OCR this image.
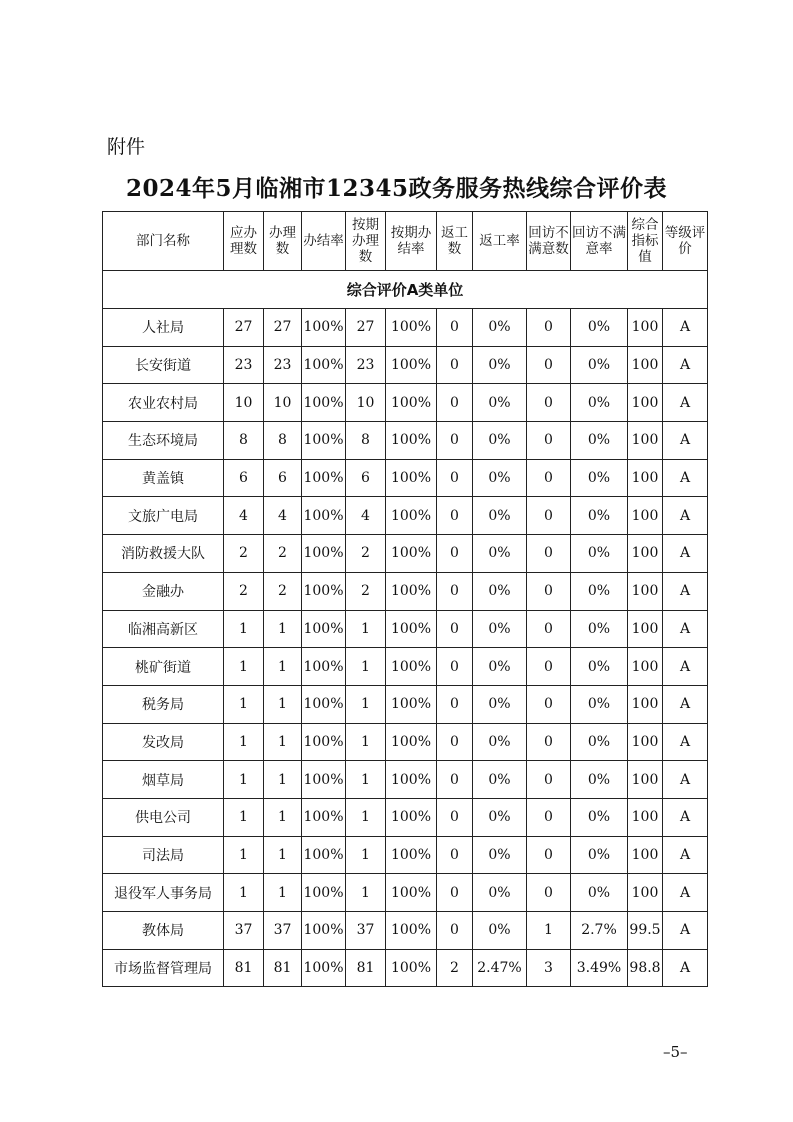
附件
2024年5月临湘市12345政务服务热线综合评价表
部门名称	应办理数	办理数	办结率	按期办理数	按期办结率	返工数	返工率	回访不满意数	回访不满意率	综合指标值	等级评价
综合评价A类单位											
人社局	27	27	100%	27	100%	0	0%	0	0%	100	A
长安街道	23	23	100%	23	100%	0	0%	0	0%	100	A
农业农村局	10	10	100%	10	100%	0	0%	0	0%	100	A
生态环境局	8	8	100%	8	100%	0	0%	0	0%	100	A
黄盖镇	6	6	100%	6	100%	0	0%	0	0%	100	A
文旅广电局	4	4	100%	4	100%	0	0%	0	0%	100	A
消防救援大队	2	2	100%	2	100%	0	0%	0	0%	100	A
金融办	2	2	100%	2	100%	0	0%	0	0%	100	A
临湘高新区	1	1	100%	1	100%	0	0%	0	0%	100	A
桃矿街道	1	1	100%	1	100%	0	0%	0	0%	100	A
税务局	1	1	100%	1	100%	0	0%	0	0%	100	A
发改局	1	1	100%	1	100%	0	0%	0	0%	100	A
烟草局	1	1	100%	1	100%	0	0%	0	0%	100	A
供电公司	1	1	100%	1	100%	0	0%	0	0%	100	A
司法局	1	1	100%	1	100%	0	0%	0	0%	100	A
退役军人事务局	1	1	100%	1	100%	0	0%	0	0%	100	A
教体局	37	37	100%	37	100%	0	0%	1	2.7%	99.5	A
市场监督管理局	81	81	100%	81	100%	2	2.47%	3	3.49%	98.8	A
–5–
